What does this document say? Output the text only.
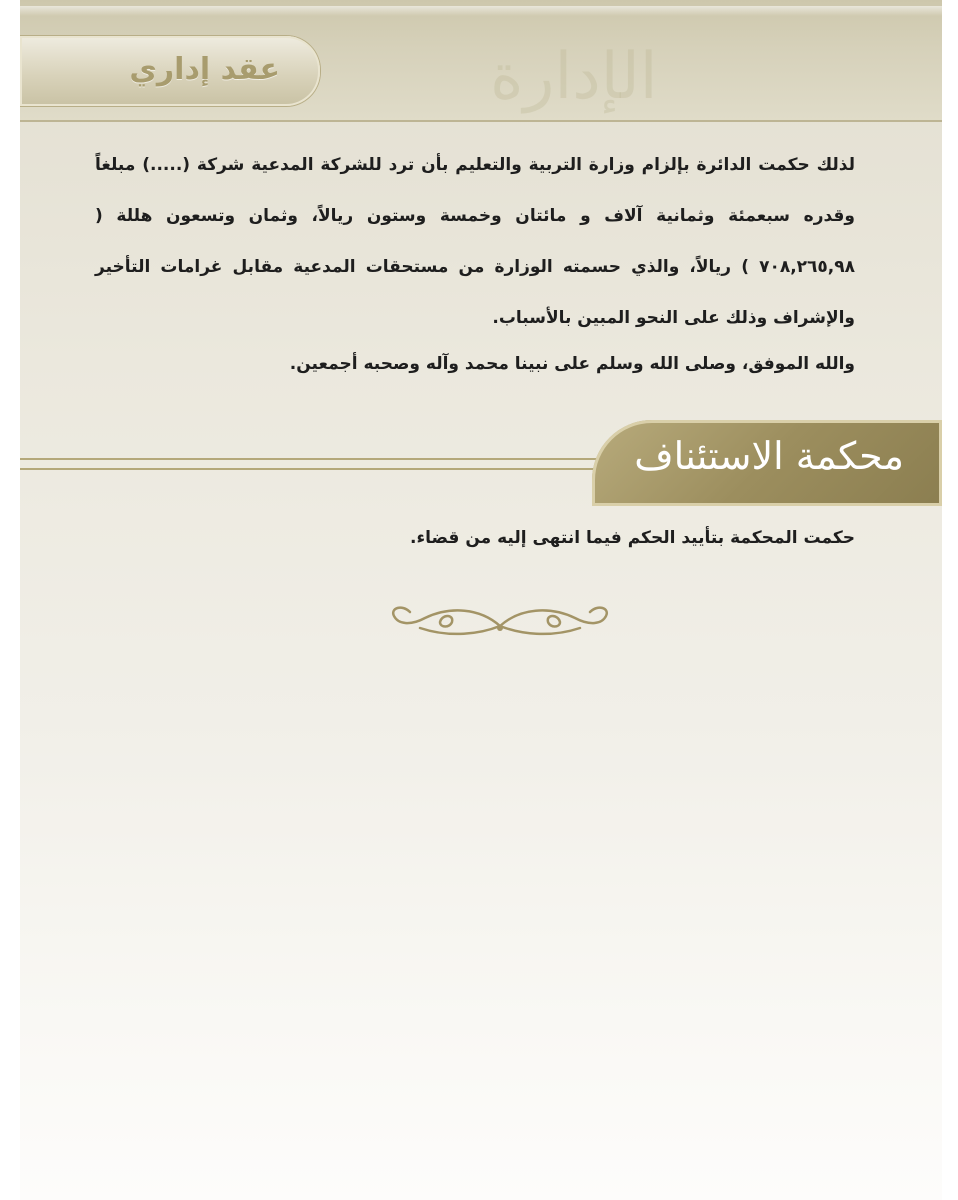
الإدارة
عقد إداري

لذلك حكمت الدائرة بإلزام وزارة التربية والتعليم بأن ترد للشركة المدعية شركة (.....) مبلغاً وقدره سبعمئة وثمانية آلاف و مائتان وخمسة وستون ريالاً، وثمان وتسعون هللة ( ٧٠٨,٢٦٥,٩٨ ) ريالاً، والذي حسمته الوزارة من مستحقات المدعية مقابل غرامات التأخير والإشراف وذلك على النحو المبين بالأسباب.

والله الموفق، وصلى الله وسلم على نبينا محمد وآله وصحبه أجمعين.

محكمة الاستئناف
حكمت المحكمة بتأييد الحكم فيما انتهى إليه من قضاء.
